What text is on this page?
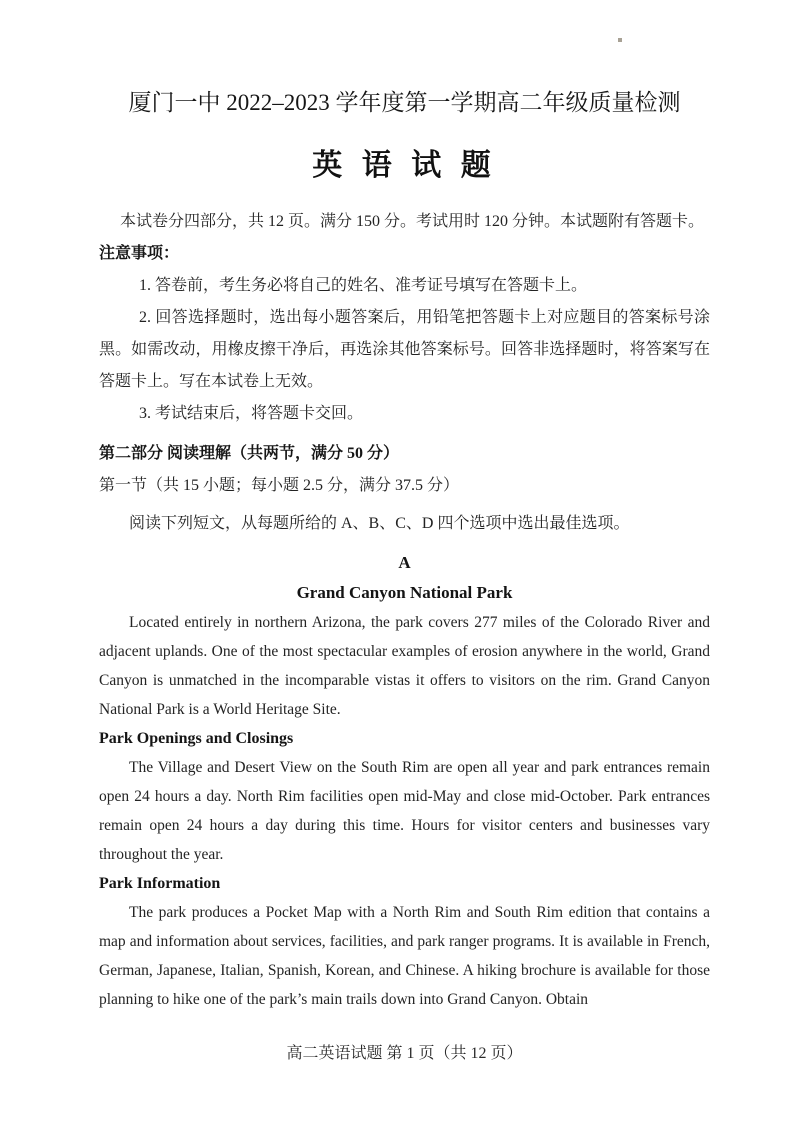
厦门一中 2022–2023 学年度第一学期高二年级质量检测
英 语 试 题

本试卷分四部分，共 12 页。满分 150 分。考试用时 120 分钟。本试题附有答题卡。

注意事项：

1. 答卷前，考生务必将自己的姓名、准考证号填写在答题卡上。

2. 回答选择题时，选出每小题答案后，用铅笔把答题卡上对应题目的答案标号涂黑。如需改动，用橡皮擦干净后，再选涂其他答案标号。回答非选择题时，将答案写在答题卡上。写在本试卷上无效。

3. 考试结束后，将答题卡交回。

第二部分 阅读理解（共两节，满分 50 分）

第一节（共 15 小题；每小题 2.5 分，满分 37.5 分）

阅读下列短文，从每题所给的 A、B、C、D 四个选项中选出最佳选项。

A

Grand Canyon National Park

Located entirely in northern Arizona, the park covers 277 miles of the Colorado River and adjacent uplands. One of the most spectacular examples of erosion anywhere in the world, Grand Canyon is unmatched in the incomparable vistas it offers to visitors on the rim. Grand Canyon National Park is a World Heritage Site.

Park Openings and Closings

The Village and Desert View on the South Rim are open all year and park entrances remain open 24 hours a day. North Rim facilities open mid-May and close mid-October. Park entrances remain open 24 hours a day during this time. Hours for visitor centers and businesses vary throughout the year.

Park Information

The park produces a Pocket Map with a North Rim and South Rim edition that contains a map and information about services, facilities, and park ranger programs. It is available in French, German, Japanese, Italian, Spanish, Korean, and Chinese. A hiking brochure is available for those planning to hike one of the park’s main trails down into Grand Canyon. Obtain

高二英语试题 第 1 页（共 12 页）
